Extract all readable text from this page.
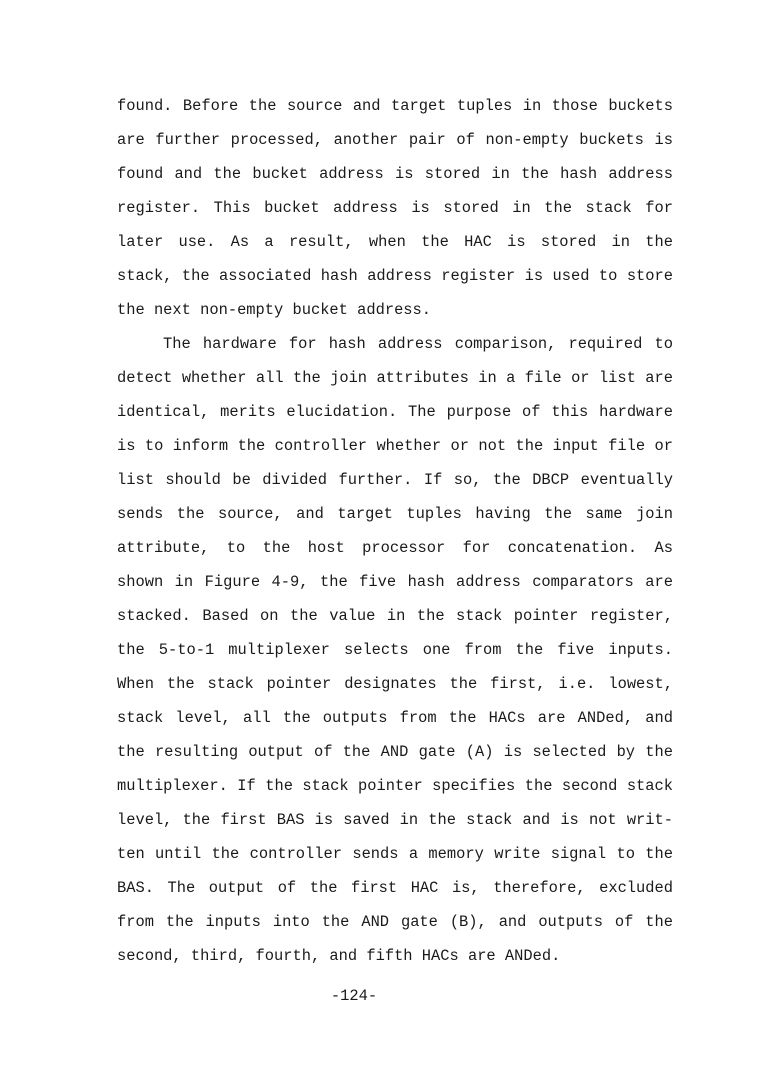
found. Before the source and target tuples in those buckets
are further processed, another pair of non-empty buckets is
found and the bucket address is stored in the hash address
register. This bucket address is stored in the stack for
later use. As a result, when the HAC is stored in the
stack, the associated hash address register is used to store
the next non-empty bucket address.
The hardware for hash address comparison, required to
detect whether all the join attributes in a file or list are
identical, merits elucidation. The purpose of this hardware
is to inform the controller whether or not the input file or
list should be divided further. If so, the DBCP eventually
sends the source, and target tuples having the same join
attribute, to the host processor for concatenation. As
shown in Figure 4-9, the five hash address comparators are
stacked. Based on the value in the stack pointer register,
the 5-to-1 multiplexer selects one from the five inputs.
When the stack pointer designates the first, i.e. lowest,
stack level, all the outputs from the HACs are ANDed, and
the resulting output of the AND gate (A) is selected by the
multiplexer. If the stack pointer specifies the second stack
level, the first BAS is saved in the stack and is not writ-
ten until the controller sends a memory write signal to the
BAS. The output of the first HAC is, therefore, excluded
from the inputs into the AND gate (B), and outputs of the
second, third, fourth, and fifth HACs are ANDed.
-124-
